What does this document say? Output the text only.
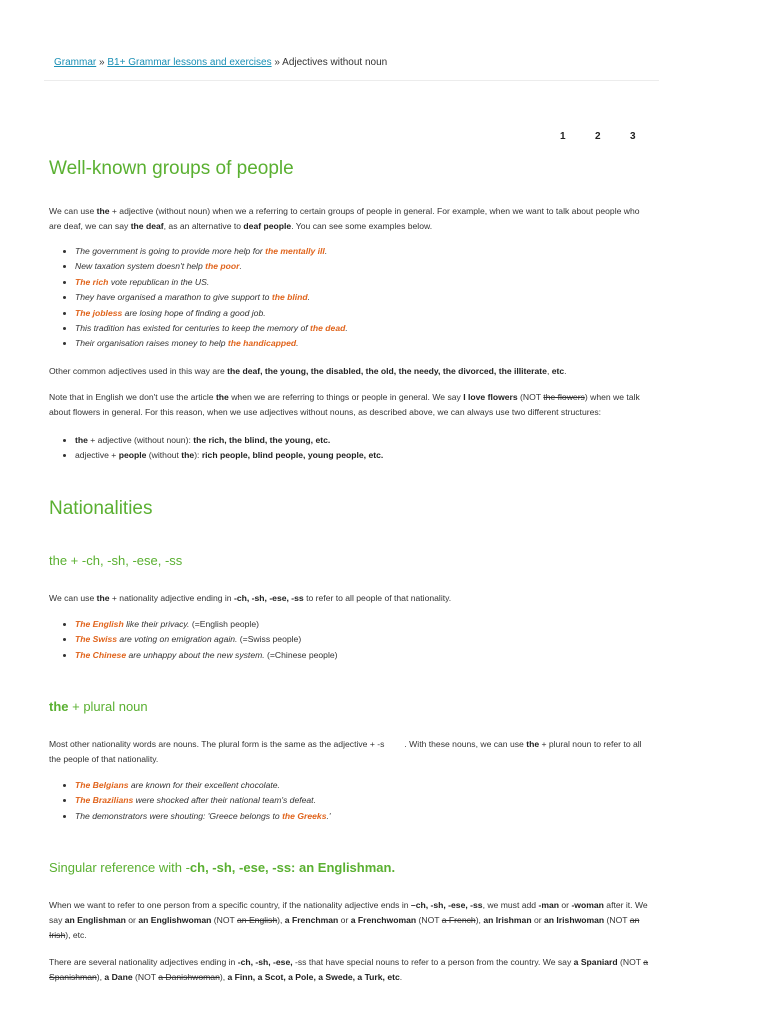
Grammar » B1+ Grammar lessons and exercises » Adjectives without noun
1	2	3
Well-known groups of people

We can use the + adjective (without noun) when we a referring to certain groups of people in general. For example, when we want to talk about people who are deaf, we can say the deaf, as an alternative to deaf people. You can see some examples below.

• The government is going to provide more help for the mentally ill.
• New taxation system doesn't help the poor.
• The rich vote republican in the US.
• They have organised a marathon to give support to the blind.
• The jobless are losing hope of finding a good job.
• This tradition has existed for centuries to keep the memory of the dead.
• Their organisation raises money to help the handicapped.

Other common adjectives used in this way are the deaf, the young, the disabled, the old, the needy, the divorced, the illiterate, etc.

Note that in English we don't use the article the when we are referring to things or people in general. We say I love flowers (NOT the flowers) when we talk about flowers in general. For this reason, when we use adjectives without nouns, as described above, we can always use two different structures:

• the + adjective (without noun): the rich, the blind, the young, etc.
• adjective + people (without the): rich people, blind people, young people, etc.
Nationalities
the + -ch, -sh, -ese, -ss

We can use the + nationality adjective ending in -ch, -sh, -ese, -ss to refer to all people of that nationality.

• The English like their privacy. (=English people)
• The Swiss are voting on emigration again. (=Swiss people)
• The Chinese are unhappy about the new system. (=Chinese people)
the + plural noun

Most other nationality words are nouns. The plural form is the same as the adjective + -s . With these nouns, we can use the + plural noun to refer to all the people of that nationality.

• The Belgians are known for their excellent chocolate.
• The Brazilians were shocked after their national team's defeat.
• The demonstrators were shouting: 'Greece belongs to the Greeks.'
Singular reference with -ch, -sh, -ese, -ss: an Englishman.

When we want to refer to one person from a specific country, if the nationality adjective ends in –ch, -sh, -ese, -ss, we must add -man or -woman after it. We say an Englishman or an Englishwoman (NOT an English), a Frenchman or a Frenchwoman (NOT a French), an Irishman or an Irishwoman (NOT an Irish), etc.

There are several nationality adjectives ending in -ch, -sh, -ese, -ss that have special nouns to refer to a person from the country. We say a Spaniard (NOT a Spanishman), a Dane (NOT a Danishwoman), a Finn, a Scot, a Pole, a Swede, a Turk, etc.
